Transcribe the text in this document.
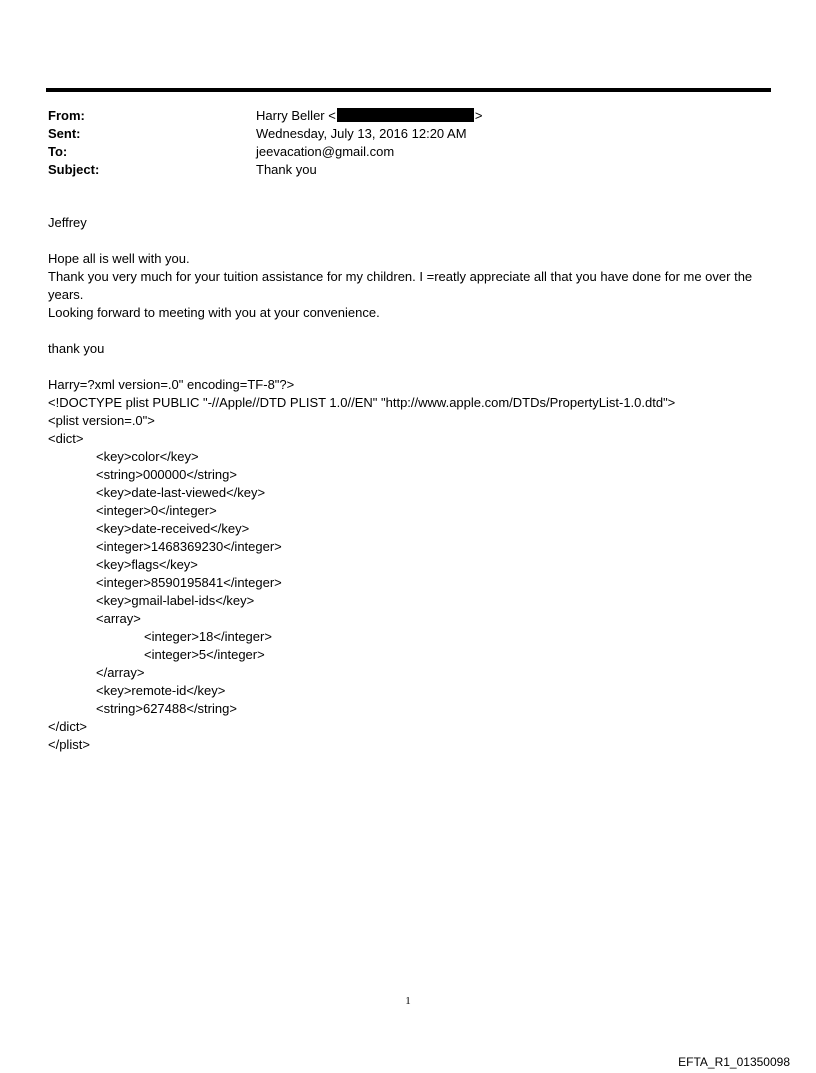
From:	Harry Beller <	>
Sent:	Wednesday, July 13, 2016 12:20 AM
To:	jeevacation@gmail.com
Subject:	Thank you
Jeffrey
Hope all is well with you.
Thank you very much for your tuition assistance for my children. I =reatly appreciate all that you have done for me over the years.
Looking forward to meeting with you at your convenience.
thank you
Harry=?xml version=.0" encoding=TF-8"?>
<!DOCTYPE plist PUBLIC "-//Apple//DTD PLIST 1.0//EN" "http://www.apple.com/DTDs/PropertyList-1.0.dtd">
<plist version=.0">
<dict>
<key>color</key>
<string>000000</string>
<key>date-last-viewed</key>
<integer>0</integer>
<key>date-received</key>
<integer>1468369230</integer>
<key>flags</key>
<integer>8590195841</integer>
<key>gmail-label-ids</key>
<array>
<integer>18</integer>
<integer>5</integer>
</array>
<key>remote-id</key>
<string>627488</string>
</dict>
</plist>
1
EFTA_R1_01350098
